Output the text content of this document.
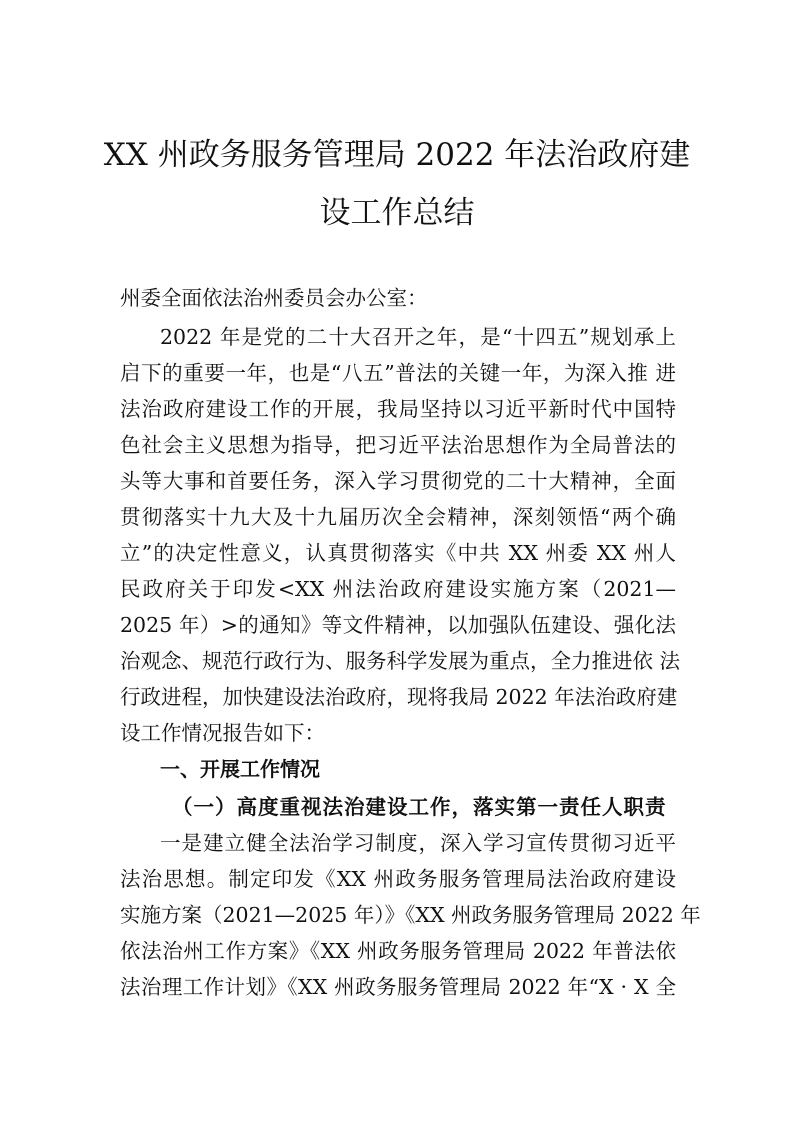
XX 州政务服务管理局 2022 年法治政府建
设工作总结
州委全面依法治州委员会办公室：
2022 年是党的二十大召开之年，是“十四五”规划承上
启下的重要一年，也是“八五”普法的关键一年，为深入推 进
法治政府建设工作的开展，我局坚持以习近平新时代中国特
色社会主义思想为指导，把习近平法治思想作为全局普法的
头等大事和首要任务，深入学习贯彻党的二十大精神，全面
贯彻落实十九大及十九届历次全会精神，深刻领悟“两个确
立”的决定性意义，认真贯彻落实《中共 XX 州委 XX 州人
民政府关于印发<XX 州法治政府建设实施方案（2021—
2025 年）>的通知》等文件精神，以加强队伍建设、强化法
治观念、规范行政行为、服务科学发展为重点，全力推进依 法
行政进程，加快建设法治政府，现将我局 2022 年法治政府建
设工作情况报告如下：
一、开展工作情况
（一）高度重视法治建设工作，落实第一责任人职责
一是建立健全法治学习制度，深入学习宣传贯彻习近平
法治思想。制定印发《XX 州政务服务管理局法治政府建设
实施方案（2021—2025 年）》《XX 州政务服务管理局 2022 年
依法治州工作方案》《XX 州政务服务管理局 2022 年普法依
法治理工作计划》《XX 州政务服务管理局 2022 年“X · X 全
